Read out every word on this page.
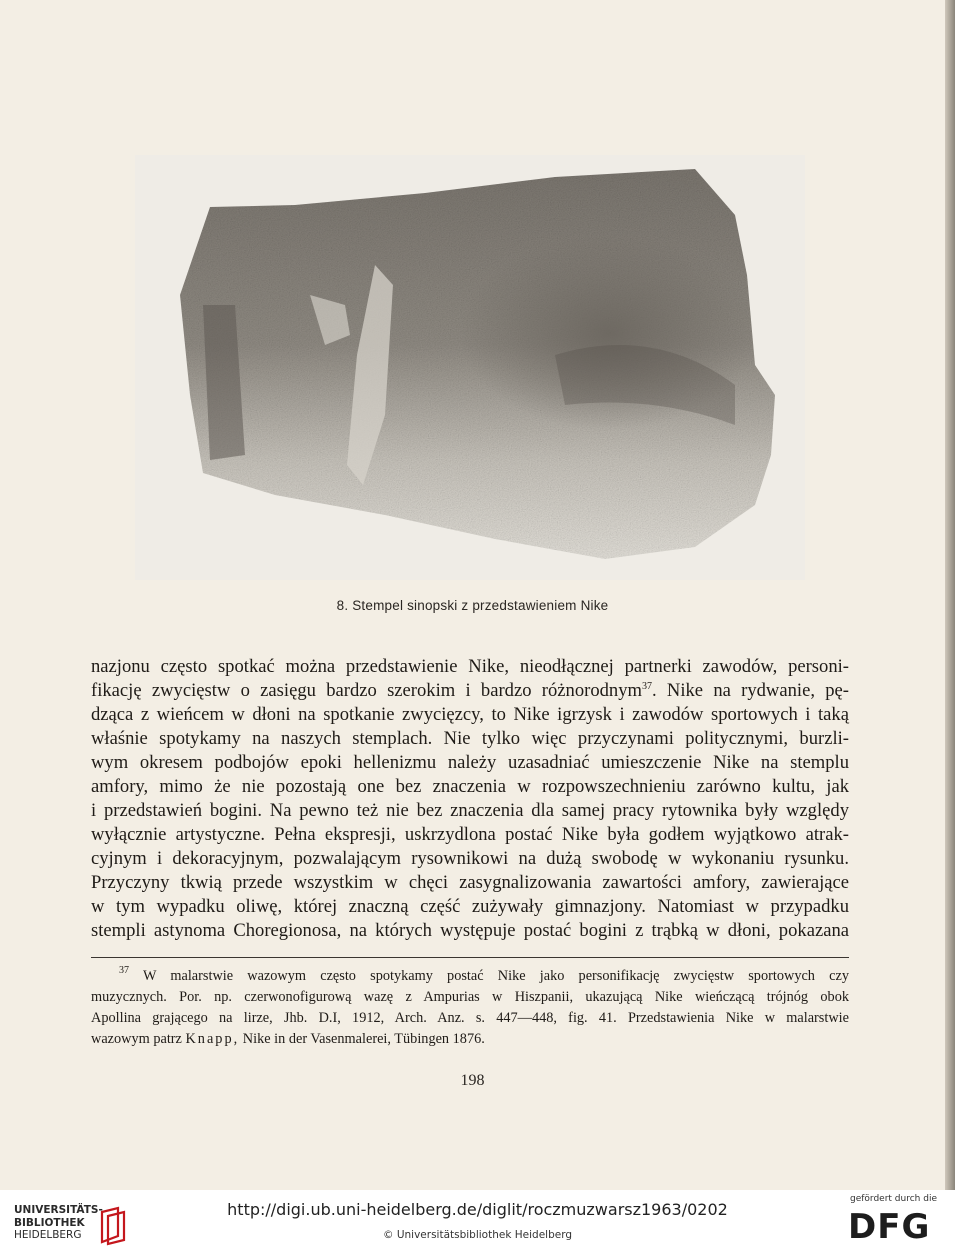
8. Stempel sinopski z przedstawieniem Nike
nazjonu często spotkać można przedstawienie Nike, nieodłącznej partnerki zawodów, personi-
fikację zwycięstw o zasięgu bardzo szerokim i bardzo różnorodnym$^{37}$. Nike na rydwanie, pę-
dząca z wieńcem w dłoni na spotkanie zwycięzcy, to Nike igrzysk i zawodów sportowych i taką
właśnie spotykamy na naszych stemplach. Nie tylko więc przyczynami politycznymi, burzli-
wym okresem podbojów epoki hellenizmu należy uzasadniać umieszczenie Nike na stemplu
amfory, mimo że nie pozostają one bez znaczenia w rozpowszechnieniu zarówno kultu, jak
i przedstawień bogini. Na pewno też nie bez znaczenia dla samej pracy rytownika były względy
wyłącznie artystyczne. Pełna ekspresji, uskrzydlona postać Nike była godłem wyjątkowo atrak-
cyjnym i dekoracyjnym, pozwalającym rysownikowi na dużą swobodę w wykonaniu rysunku.
Przyczyny tkwią przede wszystkim w chęci zasygnalizowania zawartości amfory, zawierające
w tym wypadku oliwę, której znaczną część zużywały gimnazjony. Natomiast w przypadku
stempli astynoma Choregionosa, na których występuje postać bogini z trąbką w dłoni, pokazana
$^{37}$ W malarstwie wazowym często spotykamy postać Nike jako personifikację zwycięstw sportowych czy
muzycznych. Por. np. czerwonofigurową wazę z Ampurias w Hiszpanii, ukazującą Nike wieńczącą trójnóg obok
Apollina grającego na lirze, Jhb. D.I, 1912, Arch. Anz. s. 447—448, fig. 41. Przedstawienia Nike w malarstwie
wazowym patrz Knapp, Nike in der Vasenmalerei, Tübingen 1876.
198
UNIVERSITÄTS-
BIBLIOTHEK
HEIDELBERG
http://digi.ub.uni-heidelberg.de/diglit/roczmuzwarsz1963/0202
© Universitätsbibliothek Heidelberg
gefördert durch die
DFG
